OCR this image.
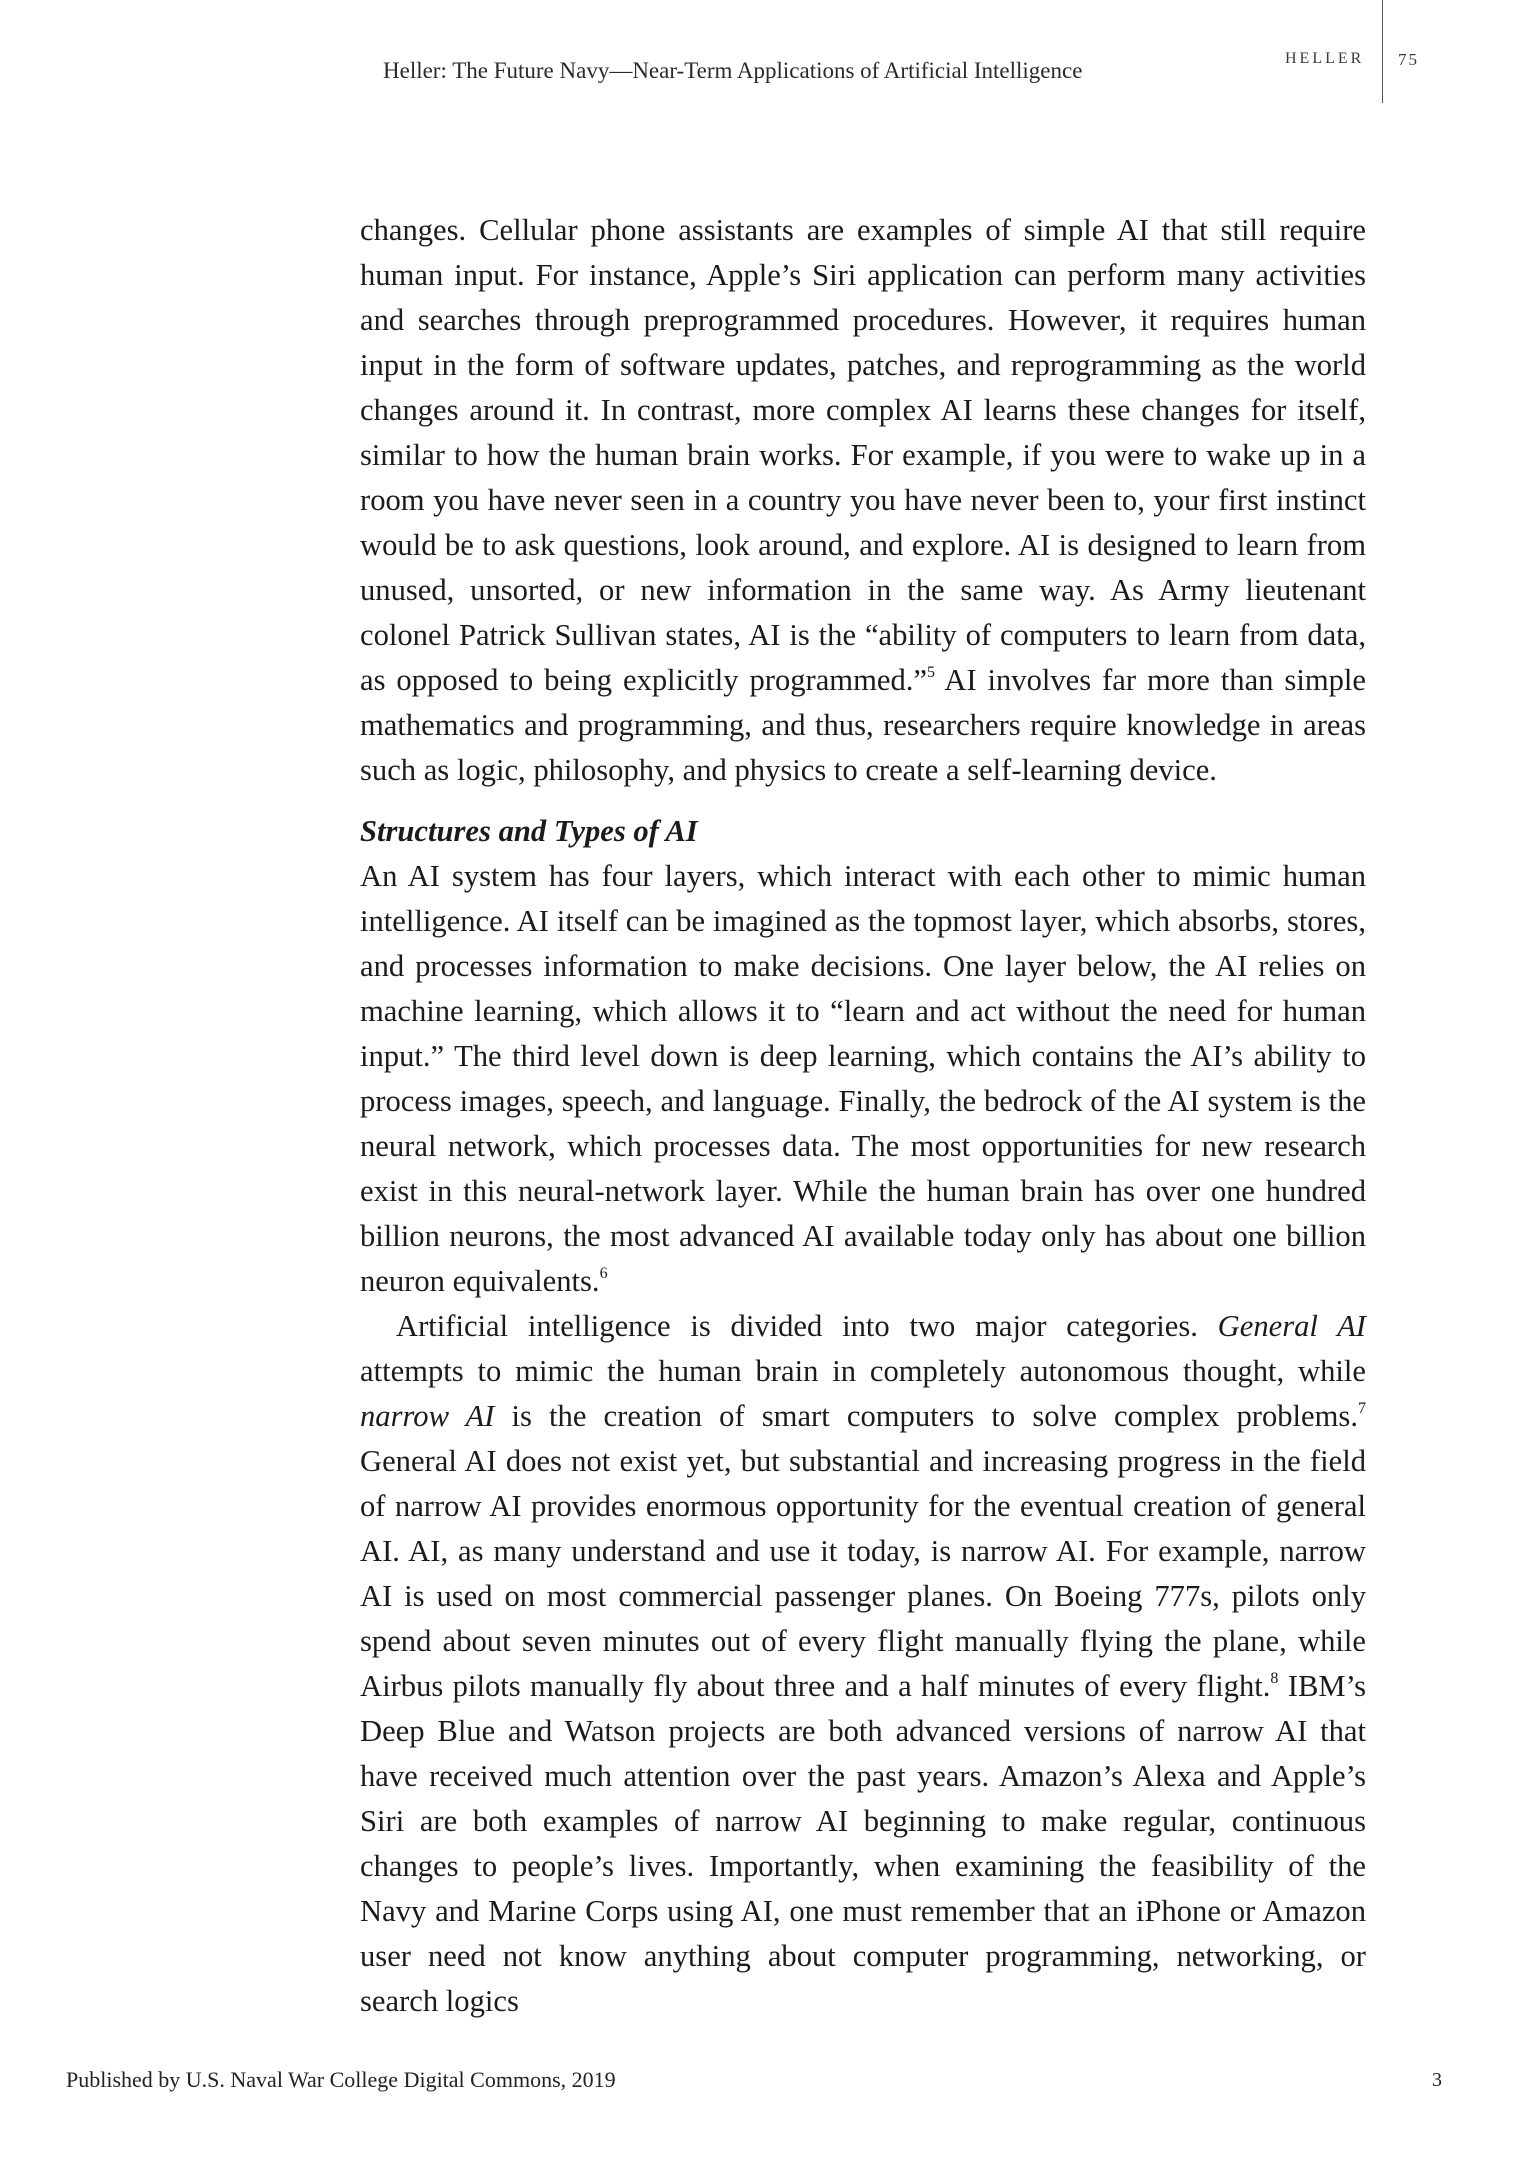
Heller: The Future Navy—Near-Term Applications of Artificial Intelligence	HELLER 75

changes. Cellular phone assistants are examples of simple AI that still require human input. For instance, Apple’s Siri application can perform many activities and searches through preprogrammed procedures. However, it requires human input in the form of software updates, patches, and reprogramming as the world changes around it. In contrast, more complex AI learns these changes for itself, similar to how the human brain works. For example, if you were to wake up in a room you have never seen in a country you have never been to, your first instinct would be to ask questions, look around, and explore. AI is designed to learn from unused, unsorted, or new information in the same way. As Army lieutenant colonel Patrick Sullivan states, AI is the “ability of computers to learn from data, as opposed to being explicitly programmed.”$^5$ AI involves far more than simple mathematics and programming, and thus, researchers require knowledge in areas such as logic, philosophy, and physics to create a self-learning device.

Structures and Types of AI

An AI system has four layers, which interact with each other to mimic human intelligence. AI itself can be imagined as the topmost layer, which absorbs, stores, and processes information to make decisions. One layer below, the AI relies on machine learning, which allows it to “learn and act without the need for human input.” The third level down is deep learning, which contains the AI’s ability to process images, speech, and language. Finally, the bedrock of the AI system is the neural network, which processes data. The most opportunities for new research exist in this neural-network layer. While the human brain has over one hundred billion neurons, the most advanced AI available today only has about one billion neuron equivalents.$^6$

Artificial intelligence is divided into two major categories. General AI attempts to mimic the human brain in completely autonomous thought, while narrow AI is the creation of smart computers to solve complex problems.$^7$ General AI does not exist yet, but substantial and increasing progress in the field of narrow AI provides enormous opportunity for the eventual creation of general AI. AI, as many understand and use it today, is narrow AI. For example, narrow AI is used on most commercial passenger planes. On Boeing 777s, pilots only spend about seven minutes out of every flight manually flying the plane, while Airbus pilots manually fly about three and a half minutes of every flight.$^8$ IBM’s Deep Blue and Watson projects are both advanced versions of narrow AI that have received much attention over the past years. Amazon’s Alexa and Apple’s Siri are both examples of narrow AI beginning to make regular, continuous changes to people’s lives. Importantly, when examining the feasibility of the Navy and Marine Corps using AI, one must remember that an iPhone or Amazon user need not know anything about computer programming, networking, or search logics

Published by U.S. Naval War College Digital Commons, 2019	3
